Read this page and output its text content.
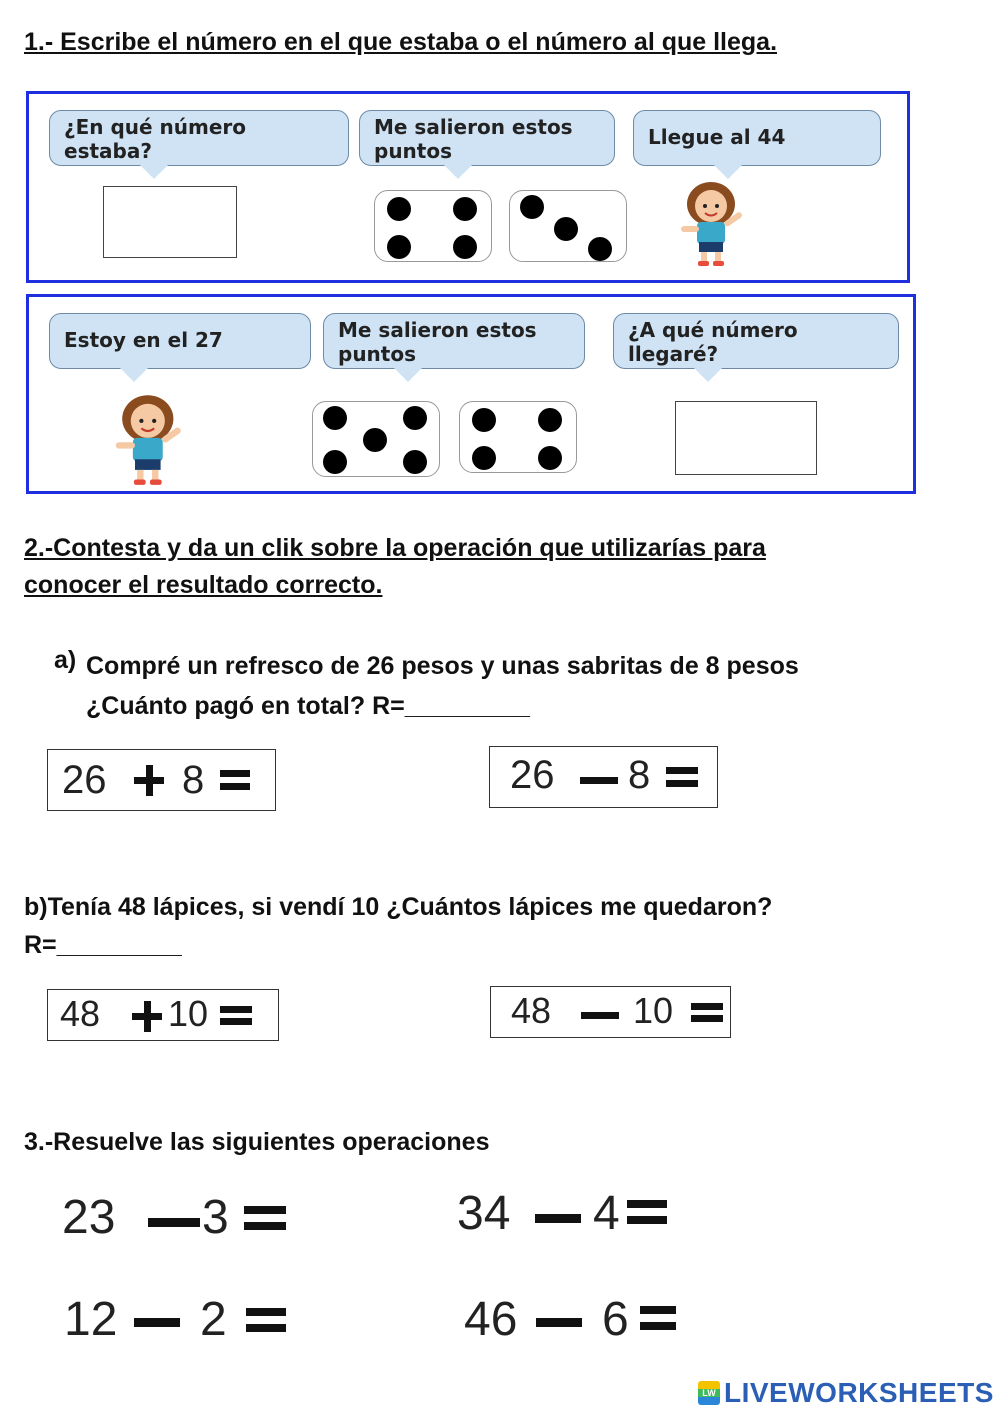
1.- Escribe el número en el que estaba o el número al que llega.
¿En qué número estaba?
Me salieron estos puntos
Llegue al 44
Estoy en el 27	Me salieron estos puntos
¿A qué número llegaré?
2.-Contesta y da un clik sobre la operación que utilizarías para
conocer el resultado correcto.
a) Compré un refresco de 26 pesos y unas sabritas de 8 pesos
¿Cuánto pagó en total? R=_________
26 8	26 8
b)Tenía 48 lápices, si vendí 10 ¿Cuántos lápices me quedaron?
R=_________
48 10	48 10
3.-Resuelve las siguientes operaciones
23 3	34 4
12 2	46 6
LW LIVEWORKSHEETS
